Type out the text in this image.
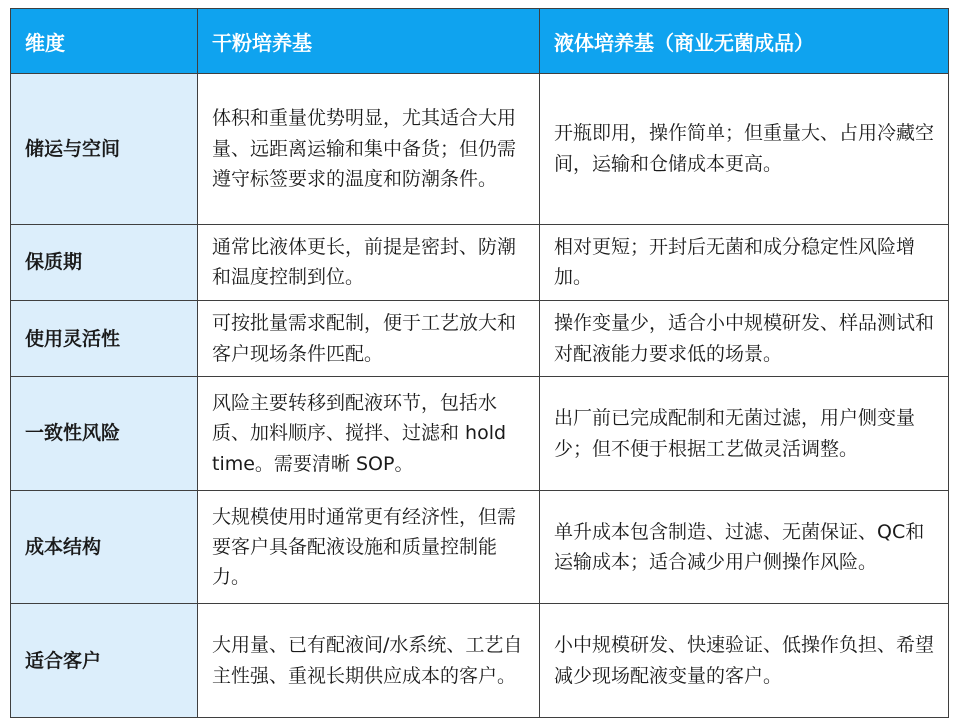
维度	干粉培养基	液体培养基（商业无菌成品）
储运与空间	体积和重量优势明显，尤其适合大用量、远距离运输和集中备货；但仍需遵守标签要求的温度和防潮条件。	开瓶即用，操作简单；但重量大、占用冷藏空间，运输和仓储成本更高。
保质期	通常比液体更长，前提是密封、防潮和温度控制到位。	相对更短；开封后无菌和成分稳定性风险增加。
使用灵活性	可按批量需求配制，便于工艺放大和客户现场条件匹配。	操作变量少，适合小中规模研发、样品测试和对配液能力要求低的场景。
一致性风险	风险主要转移到配液环节，包括水质、加料顺序、搅拌、过滤和 hold time。需要清晰 SOP。	出厂前已完成配制和无菌过滤，用户侧变量少；但不便于根据工艺做灵活调整。
成本结构	大规模使用时通常更有经济性，但需要客户具备配液设施和质量控制能力。	单升成本包含制造、过滤、无菌保证、QC和运输成本；适合减少用户侧操作风险。
适合客户	大用量、已有配液间/水系统、工艺自主性强、重视长期供应成本的客户。	小中规模研发、快速验证、低操作负担、希望减少现场配液变量的客户。
